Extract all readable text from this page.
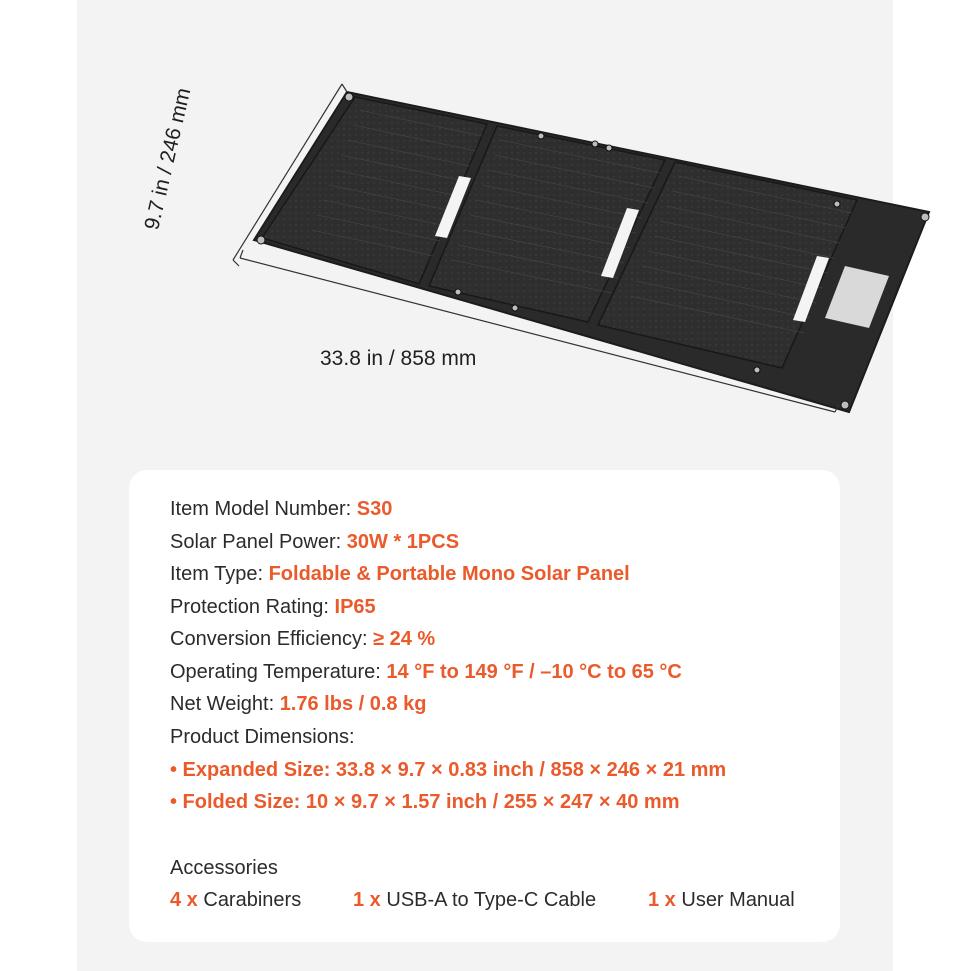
9.7 in / 246 mm
33.8 in / 858 mm
Item Model Number: S30
Solar Panel Power: 30W * 1PCS
Item Type: Foldable & Portable Mono Solar Panel
Protection Rating: IP65
Conversion Efficiency: ≥ 24 %
Operating Temperature: 14 °F to 149 °F / –10 °C to 65 °C
Net Weight: 1.76 lbs / 0.8 kg
Product Dimensions:
• Expanded Size: 33.8 × 9.7 × 0.83 inch / 858 × 246 × 21 mm
• Folded Size: 10 × 9.7 × 1.57 inch / 255 × 247 × 40 mm
Accessories
4 x Carabiners	1 x USB-A to Type-C Cable	1 x User Manual
